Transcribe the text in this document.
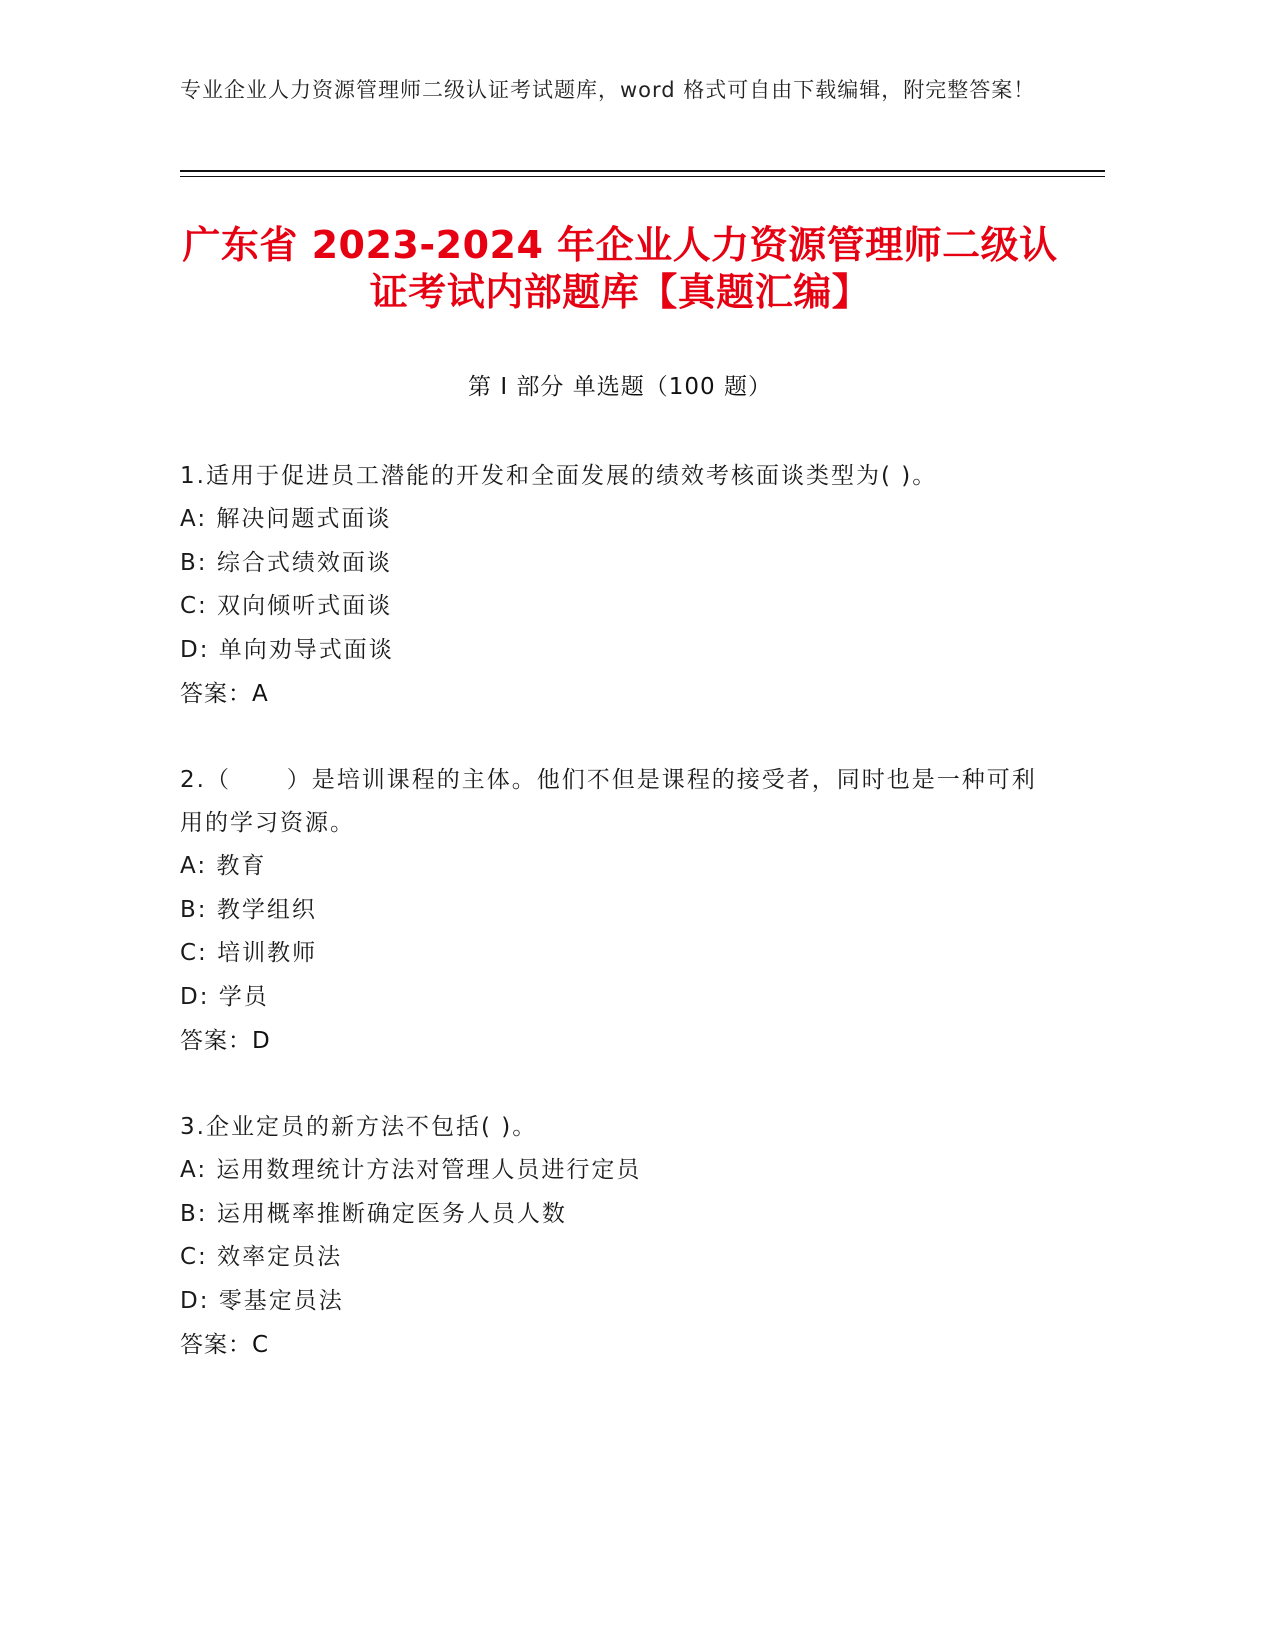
专业企业人力资源管理师二级认证考试题库，word 格式可自由下载编辑，附完整答案！
广东省 2023-2024 年企业人力资源管理师二级认证考试内部题库【真题汇编】
第 I 部分 单选题（100 题）
1.适用于促进员工潜能的开发和全面发展的绩效考核面谈类型为( )。
A: 解决问题式面谈
B: 综合式绩效面谈
C: 双向倾听式面谈
D: 单向劝导式面谈
答案：A
2.（      ）是培训课程的主体。他们不但是课程的接受者，同时也是一种可利用的学习资源。
A: 教育
B: 教学组织
C: 培训教师
D: 学员
答案：D
3.企业定员的新方法不包括( )。
A: 运用数理统计方法对管理人员进行定员
B: 运用概率推断确定医务人员人数
C: 效率定员法
D: 零基定员法
答案：C
